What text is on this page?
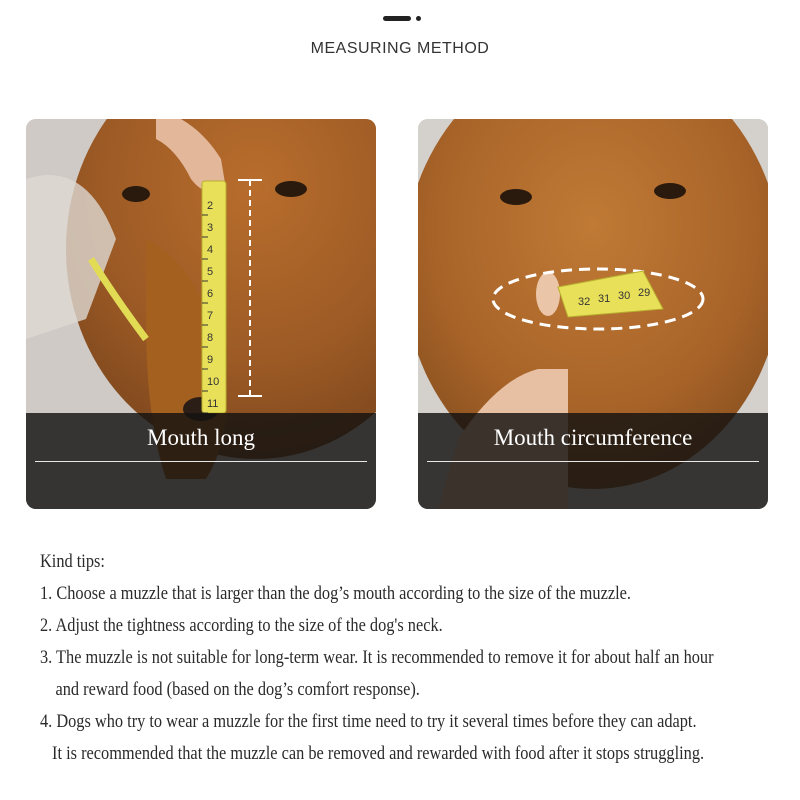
MEASURING METHOD
2
3
4
5
6
7
8
9
10
11
Mouth long
32 31 30 29
Mouth circumference
Kind tips:
1. Choose a muzzle that is larger than the dog’s mouth according to the size of the muzzle.
2. Adjust the tightness according to the size of the dog's neck.
3. The muzzle is not suitable for long-term wear. It is recommended to remove it for about half an hour
and reward food (based on the dog’s comfort response).
4. Dogs who try to wear a muzzle for the first time need to try it several times before they can adapt.
It is recommended that the muzzle can be removed and rewarded with food after it stops struggling.
